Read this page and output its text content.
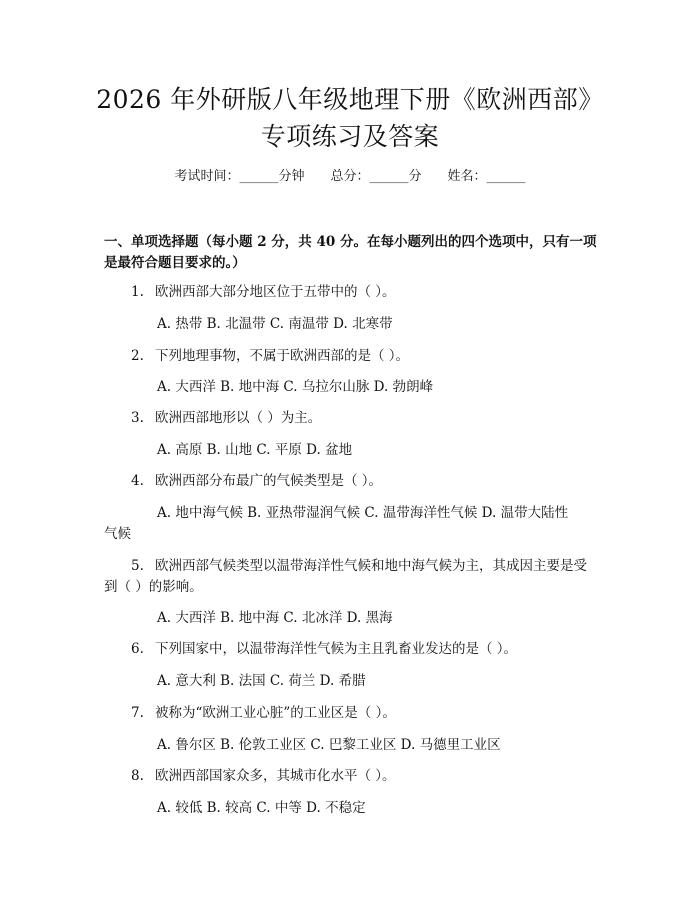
2026 年外研版八年级地理下册《欧洲西部》
专项练习及答案
考试时间：______分钟 总分：______分 姓名：______
一、单项选择题（每小题 2 分，共 40 分。在每小题列出的四个选项中，只有一项
是最符合题目要求的。）
1. 欧洲西部大部分地区位于五带中的（ ）。
A. 热带 B. 北温带 C. 南温带 D. 北寒带
2. 下列地理事物，不属于欧洲西部的是（ ）。
A. 大西洋 B. 地中海 C. 乌拉尔山脉 D. 勃朗峰
3. 欧洲西部地形以（ ）为主。
A. 高原 B. 山地 C. 平原 D. 盆地
4. 欧洲西部分布最广的气候类型是（ ）。
A. 地中海气候 B. 亚热带湿润气候 C. 温带海洋性气候 D. 温带大陆性
气候
5. 欧洲西部气候类型以温带海洋性气候和地中海气候为主，其成因主要是受
到（ ）的影响。
A. 大西洋 B. 地中海 C. 北冰洋 D. 黑海
6. 下列国家中，以温带海洋性气候为主且乳畜业发达的是（ ）。
A. 意大利 B. 法国 C. 荷兰 D. 希腊
7. 被称为“欧洲工业心脏”的工业区是（ ）。
A. 鲁尔区 B. 伦敦工业区 C. 巴黎工业区 D. 马德里工业区
8. 欧洲西部国家众多，其城市化水平（ ）。
A. 较低 B. 较高 C. 中等 D. 不稳定
